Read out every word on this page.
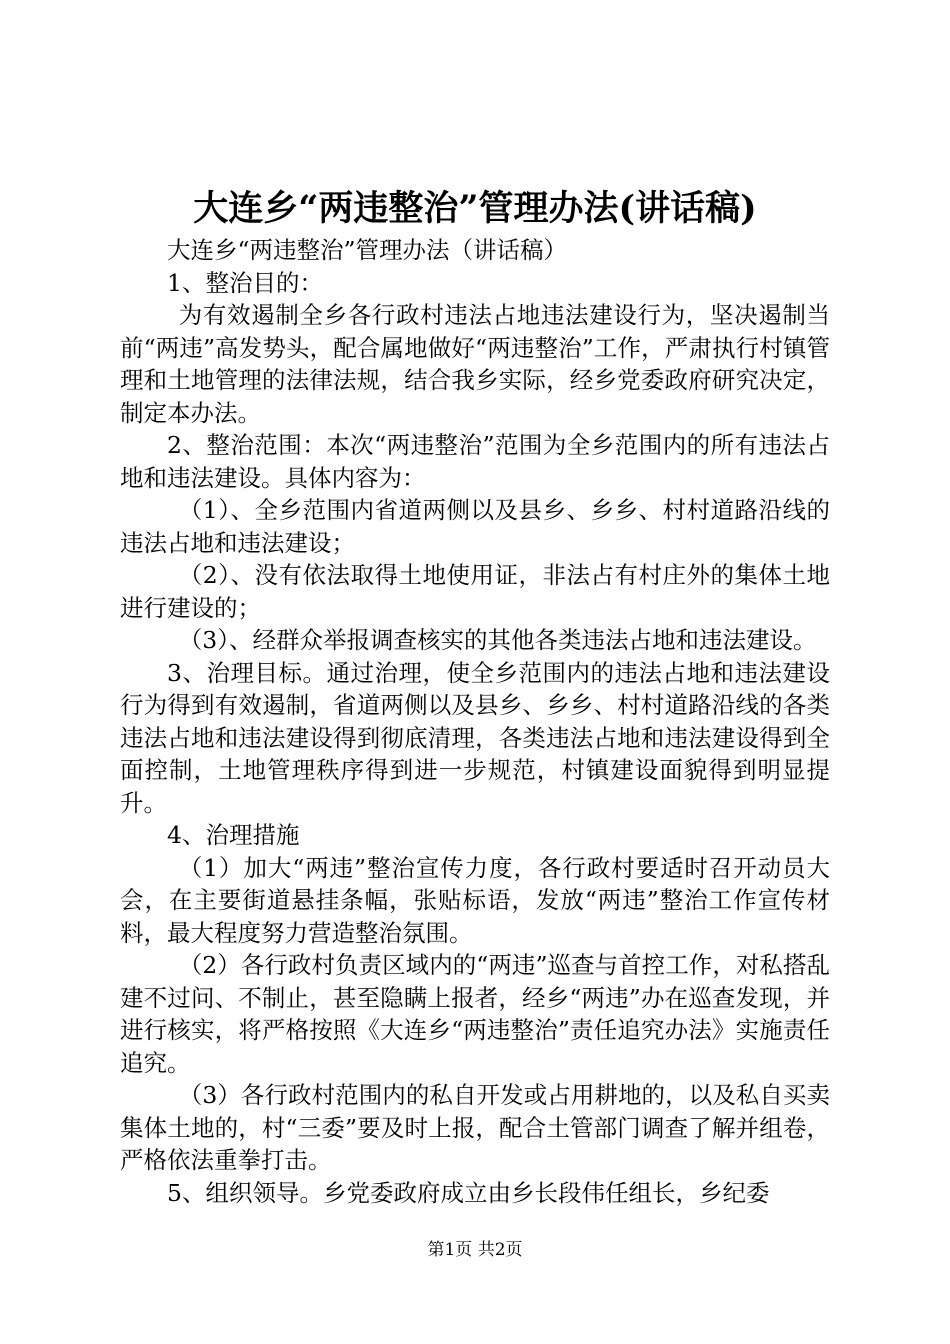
大连乡“两违整治”管理办法(讲话稿)

大连乡“两违整治”管理办法（讲话稿）

1、整治目的：

为有效遏制全乡各行政村违法占地违法建设行为，坚决遏制当前“两违”高发势头，配合属地做好“两违整治”工作，严肃执行村镇管理和土地管理的法律法规，结合我乡实际，经乡党委政府研究决定，制定本办法。

2、整治范围：本次“两违整治”范围为全乡范围内的所有违法占地和违法建设。具体内容为：

（1）、全乡范围内省道两侧以及县乡、乡乡、村村道路沿线的违法占地和违法建设；

（2）、没有依法取得土地使用证，非法占有村庄外的集体土地进行建设的；

（3）、经群众举报调查核实的其他各类违法占地和违法建设。

3、治理目标。通过治理，使全乡范围内的违法占地和违法建设行为得到有效遏制，省道两侧以及县乡、乡乡、村村道路沿线的各类违法占地和违法建设得到彻底清理，各类违法占地和违法建设得到全面控制，土地管理秩序得到进一步规范，村镇建设面貌得到明显提升。

4、治理措施

（1）加大“两违”整治宣传力度，各行政村要适时召开动员大会，在主要街道悬挂条幅，张贴标语，发放“两违”整治工作宣传材料，最大程度努力营造整治氛围。

（2）各行政村负责区域内的“两违”巡查与首控工作，对私搭乱建不过问、不制止，甚至隐瞒上报者，经乡“两违”办在巡查发现，并进行核实，将严格按照《大连乡“两违整治”责任追究办法》实施责任追究。

（3）各行政村范围内的私自开发或占用耕地的，以及私自买卖集体土地的，村“三委”要及时上报，配合土管部门调查了解并组卷，严格依法重拳打击。

5、组织领导。乡党委政府成立由乡长段伟任组长，乡纪委

第1页 共2页
